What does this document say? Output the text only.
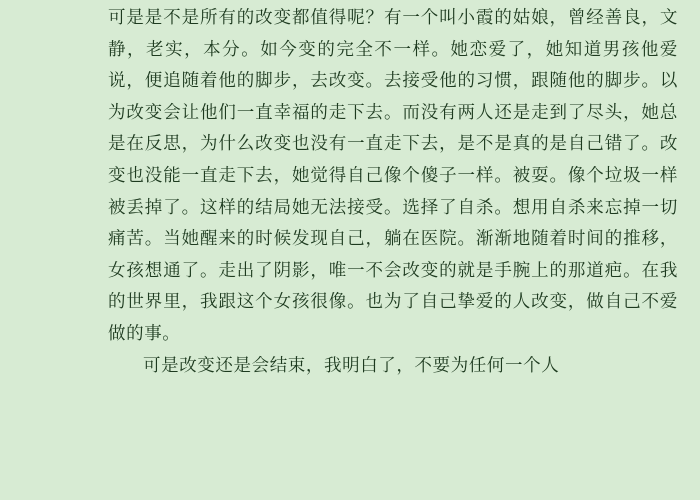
可是是不是所有的改变都值得呢？有一个叫小霞的姑娘，曾经善良，文静，老实，本分。如今变的完全不一样。她恋爱了，她知道男孩他爱说，便追随着他的脚步，去改变。去接受他的习惯，跟随他的脚步。以为改变会让他们一直幸福的走下去。而没有两人还是走到了尽头，她总是在反思，为什么改变也没有一直走下去，是不是真的是自己错了。改变也没能一直走下去，她觉得自己像个傻子一样。被耍。像个垃圾一样被丢掉了。这样的结局她无法接受。选择了自杀。想用自杀来忘掉一切痛苦。当她醒来的时候发现自己，躺在医院。渐渐地随着时间的推移，女孩想通了。走出了阴影，唯一不会改变的就是手腕上的那道疤。在我的世界里，我跟这个女孩很像。也为了自己挚爱的人改变，做自己不爱做的事。

可是改变还是会结束，我明白了，不要为任何一个人
